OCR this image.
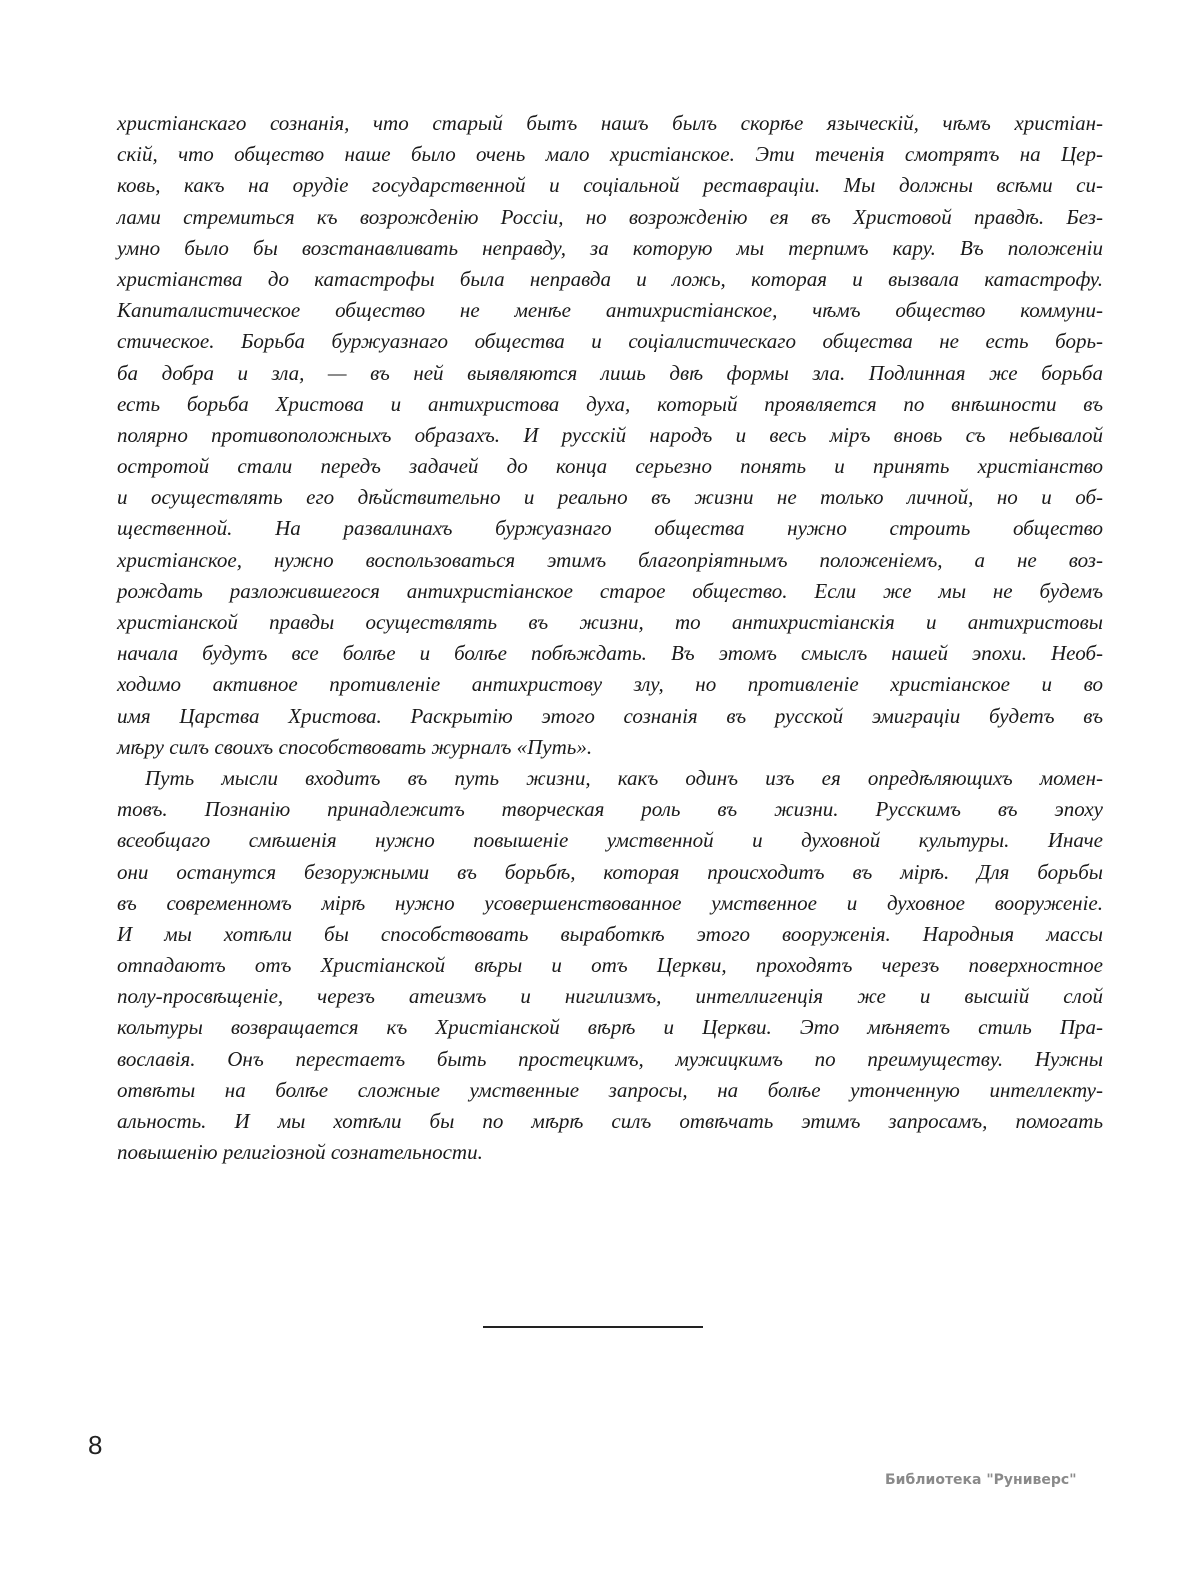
христіанскаго сознанія, что старый бытъ нашъ былъ скорѣе языческій, чѣмъ христіан-
скій, что общество наше было очень мало христіанское. Эти теченія смотрятъ на Цер-
ковь, какъ на орудіе государственной и соціальной реставраціи. Мы должны всѣми си-
лами стремиться къ возрожденію Россіи, но возрожденію ея въ Христовой правдѣ. Без-
умно было бы возстанавливать неправду, за которую мы терпимъ кару. Въ положеніи
христіанства до катастрофы была неправда и ложь, которая и вызвала катастрофу.
Капиталистическое общество не менѣе антихристіанское, чѣмъ общество коммуни-
стическое. Борьба буржуазнаго общества и соціалистическаго общества не есть борь-
ба добра и зла, — въ ней выявляются лишь двѣ формы зла. Подлинная же борьба
есть борьба Христова и антихристова духа, который проявляется по внѣшности въ
полярно противоположныхъ образахъ. И русскій народъ и весь міръ вновь съ небывалой
остротой стали передъ задачей до конца серьезно понять и принять христіанство
и осуществлять его дѣйствительно и реально въ жизни не только личной, но и об-
щественной. На развалинахъ буржуазнаго общества нужно строить общество
христіанское, нужно воспользоваться этимъ благопріятнымъ положеніемъ, а не воз-
рождать разложившегося антихристіанское старое общество. Если же мы не будемъ
христіанской правды осуществлять въ жизни, то антихристіанскія и антихристовы
начала будутъ все болѣе и болѣе побѣждать. Въ этомъ смыслъ нашей эпохи. Необ-
ходимо активное противленіе антихристову злу, но противленіе христіанское и во
имя Царства Христова. Раскрытію этого сознанія въ русской эмиграціи будетъ въ
мѣру силъ своихъ способствовать журналъ «Путь».
Путь мысли входитъ въ путь жизни, какъ одинъ изъ ея опредѣляющихъ момен-
товъ. Познанію принадлежитъ творческая роль въ жизни. Русскимъ въ эпоху
всеобщаго смѣшенія нужно повышеніе умственной и духовной культуры. Иначе
они останутся безоружными въ борьбѣ, которая происходитъ въ мірѣ. Для борьбы
въ современномъ мірѣ нужно усовершенствованное умственное и духовное вооруженіе.
И мы хотѣли бы способствовать выработкѣ этого вооруженія. Народныя массы
отпадаютъ отъ Христіанской вѣры и отъ Церкви, проходятъ черезъ поверхностное
полу-просвѣщеніе, черезъ атеизмъ и нигилизмъ, интеллигенція же и высшій слой
кольтуры возвращается къ Христіанской вѣрѣ и Церкви. Это мѣняетъ стиль Пра-
вославія. Онъ перестаетъ быть простецкимъ, мужицкимъ по преимуществу. Нужны
отвѣты на болѣе сложные умственные запросы, на болѣе утонченную интеллекту-
альность. И мы хотѣли бы по мѣрѣ силъ отвѣчать этимъ запросамъ, помогать
повышенію религіозной сознательности.
8
Библиотека "Руниверс"
